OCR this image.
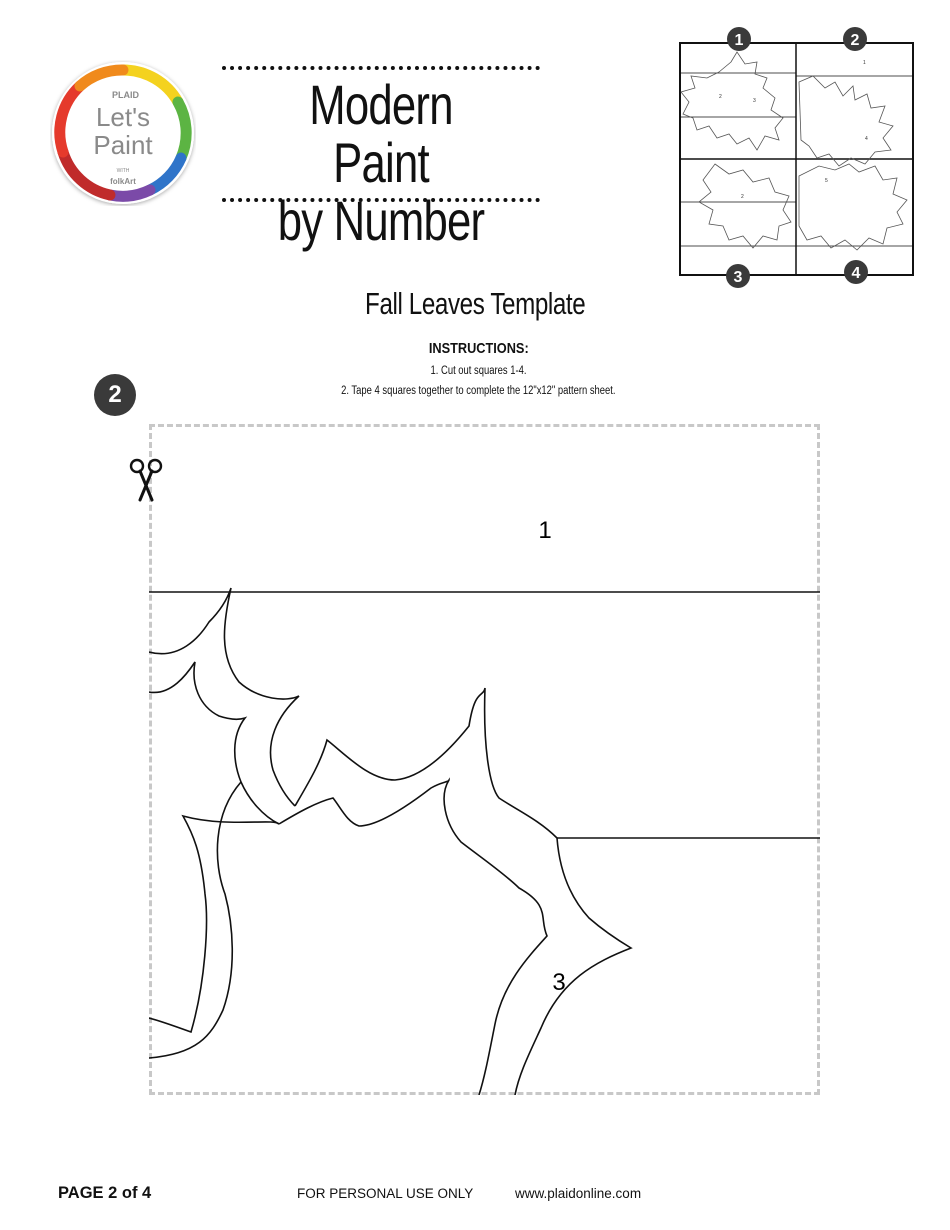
PLAID
Let's
Paint
WITH
folkArt
Modern Paint
by Number
1
2
3
4
5
2
1	2
3	4
Fall Leaves Template
INSTRUCTIONS:
1. Cut out squares 1-4.
2. Tape 4 squares together to complete the 12"x12" pattern sheet.
2
1
3
PAGE 2 of 4	FOR PERSONAL USE ONLY	www.plaidonline.com
